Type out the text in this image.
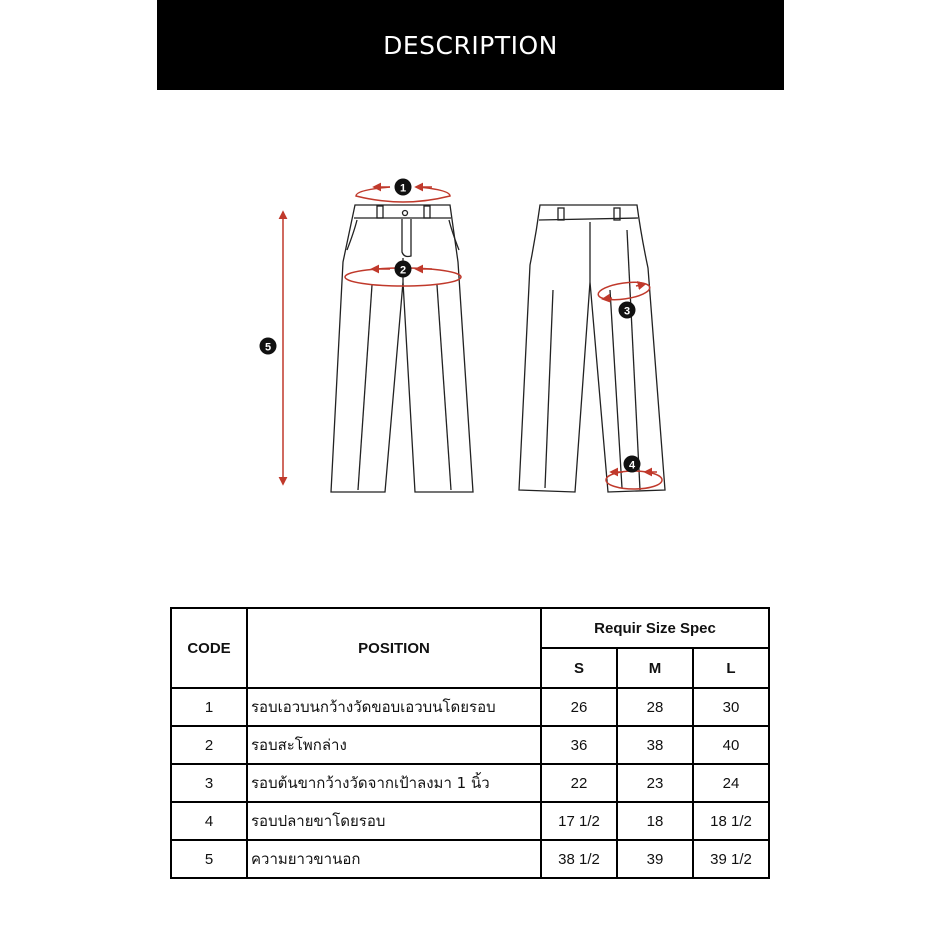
DESCRIPTION
1
2
3
4
5
CODE	POSITION	Requir Size Spec		
		S	M	L
1	รอบเอวบนกว้างวัดขอบเอวบนโดยรอบ	26	28	30
2	รอบสะโพกล่าง	36	38	40
3	รอบต้นขากว้างวัดจากเป้าลงมา 1 นิ้ว	22	23	24
4	รอบปลายขาโดยรอบ	17 1/2	18	18 1/2
5	ความยาวขานอก	38 1/2	39	39 1/2
